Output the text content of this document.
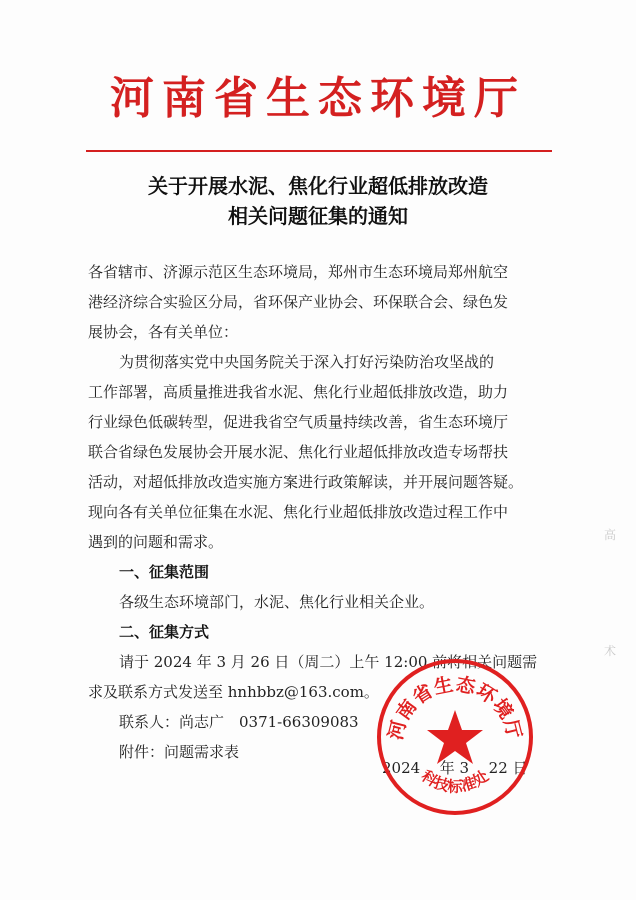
河南省生态环境厅
关于开展水泥、焦化行业超低排放改造
相关问题征集的通知
各省辖市、济源示范区生态环境局，郑州市生态环境局郑州航空
港经济综合实验区分局，省环保产业协会、环保联合会、绿色发
展协会，各有关单位：
为贯彻落实党中央国务院关于深入打好污染防治攻坚战的
工作部署，高质量推进我省水泥、焦化行业超低排放改造，助力
行业绿色低碳转型，促进我省空气质量持续改善，省生态环境厅
联合省绿色发展协会开展水泥、焦化行业超低排放改造专场帮扶
活动，对超低排放改造实施方案进行政策解读，并开展问题答疑。
现向各有关单位征集在水泥、焦化行业超低排放改造过程工作中
遇到的问题和需求。
一、征集范围
各级生态环境部门，水泥、焦化行业相关企业。
二、征集方式
请于 2024 年 3 月 26 日（周二）上午 12:00 前将相关问题需
求及联系方式发送至 hnhbbz@163.com。
联系人：尚志广　0371-66309083
附件：问题需求表
高
术
2024 年 3 22 日
河南省生态环境厅
科技标准处
